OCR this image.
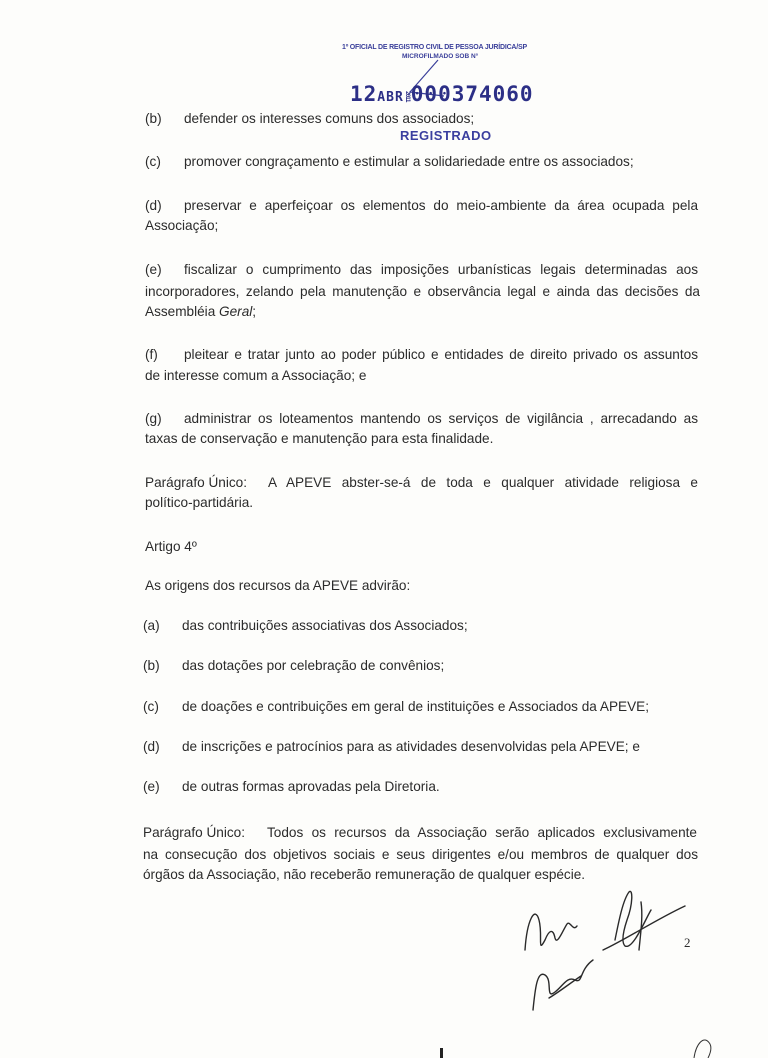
1º OFICIAL DE REGISTRO CIVIL DE PESSOA JURÍDICA/SP
MICROFILMADO SOB N°
12ABR2011000374060
REGISTRADO
(b) defender os interesses comuns dos associados;
(c) promover congraçamento e estimular a solidariedade entre os associados;
(d) preservar e aperfeiçoar os elementos do meio-ambiente da área ocupada pela
Associação;
(e) fiscalizar o cumprimento das imposições urbanísticas legais determinadas aos
incorporadores, zelando pela manutenção e observância legal e ainda das decisões da
Assembléia Geral;
(f) pleitear e tratar junto ao poder público e entidades de direito privado os assuntos
de interesse comum a Associação; e
(g) administrar os loteamentos mantendo os serviços de vigilância , arrecadando as
taxas de conservação e manutenção para esta finalidade.
Parágrafo Único: A APEVE abster-se-á de toda e qualquer atividade religiosa e
político-partidária.
Artigo 4º
As origens dos recursos da APEVE advirão:
(a) das contribuições associativas dos Associados;
(b) das dotações por celebração de convênios;
(c) de doações e contribuições em geral de instituições e Associados da APEVE;
(d) de inscrições e patrocínios para as atividades desenvolvidas pela APEVE; e
(e) de outras formas aprovadas pela Diretoria.
Parágrafo Único: Todos os recursos da Associação serão aplicados exclusivamente
na consecução dos objetivos sociais e seus dirigentes e/ou membros de qualquer dos
órgãos da Associação, não receberão remuneração de qualquer espécie.
2
